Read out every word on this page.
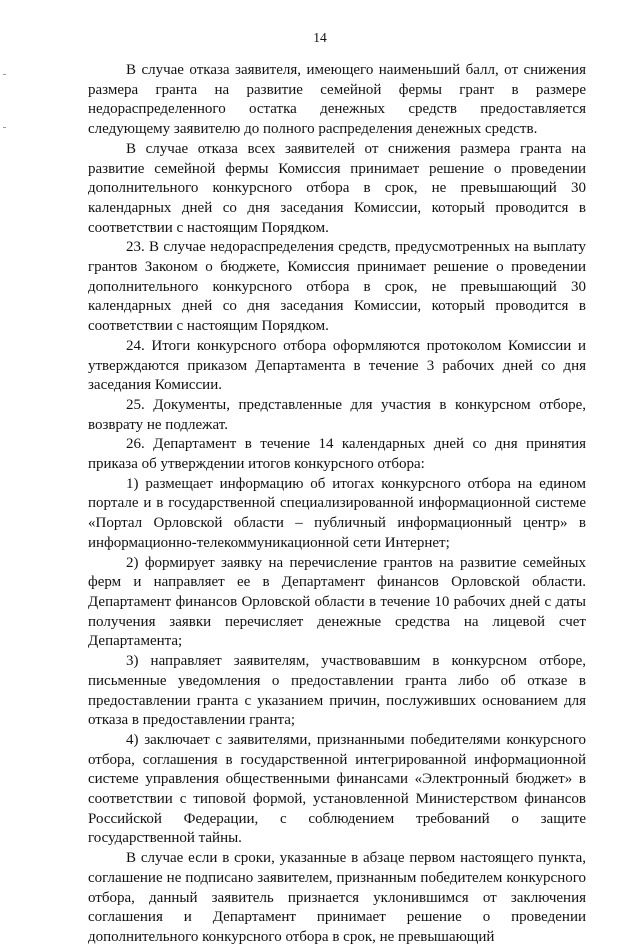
14

В случае отказа заявителя, имеющего наименьший балл, от снижения размера гранта на развитие семейной фермы грант в размере недораспределенного остатка денежных средств предоставляется следующему заявителю до полного распределения денежных средств.

В случае отказа всех заявителей от снижения размера гранта на развитие семейной фермы Комиссия принимает решение о проведении дополнительного конкурсного отбора в срок, не превышающий 30 календарных дней со дня заседания Комиссии, который проводится в соответствии с настоящим Порядком.

23. В случае недораспределения средств, предусмотренных на выплату грантов Законом о бюджете, Комиссия принимает решение о проведении дополнительного конкурсного отбора в срок, не превышающий 30 календарных дней со дня заседания Комиссии, который проводится в соответствии с настоящим Порядком.

24. Итоги конкурсного отбора оформляются протоколом Комиссии и утверждаются приказом Департамента в течение 3 рабочих дней со дня заседания Комиссии.

25. Документы, представленные для участия в конкурсном отборе, возврату не подлежат.

26. Департамент в течение 14 календарных дней со дня принятия приказа об утверждении итогов конкурсного отбора:

1) размещает информацию об итогах конкурсного отбора на едином портале и в государственной специализированной информационной системе «Портал Орловской области – публичный информационный центр» в информационно-телекоммуникационной сети Интернет;

2) формирует заявку на перечисление грантов на развитие семейных ферм и направляет ее в Департамент финансов Орловской области. Департамент финансов Орловской области в течение 10 рабочих дней с даты получения заявки перечисляет денежные средства на лицевой счет Департамента;

3) направляет заявителям, участвовавшим в конкурсном отборе, письменные уведомления о предоставлении гранта либо об отказе в предоставлении гранта с указанием причин, послуживших основанием для отказа в предоставлении гранта;

4) заключает с заявителями, признанными победителями конкурсного отбора, соглашения в государственной интегрированной информационной системе управления общественными финансами «Электронный бюджет» в соответствии с типовой формой, установленной Министерством финансов Российской Федерации, с соблюдением требований о защите государственной тайны.

В случае если в сроки, указанные в абзаце первом настоящего пункта, соглашение не подписано заявителем, признанным победителем конкурсного отбора, данный заявитель признается уклонившимся от заключения соглашения и Департамент принимает решение о проведении дополнительного конкурсного отбора в срок, не превышающий
